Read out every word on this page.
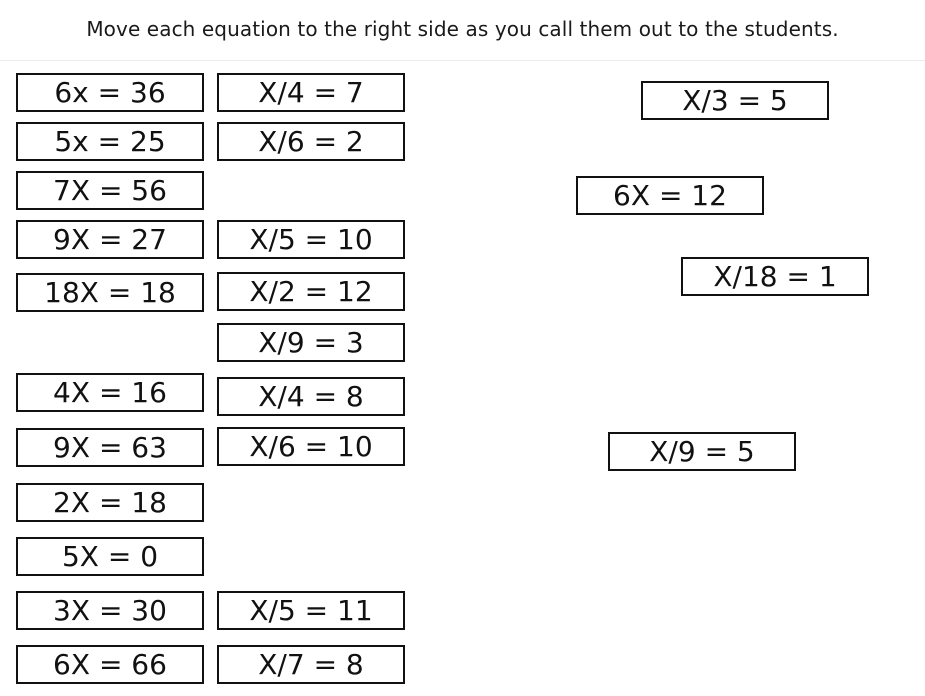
Move each equation to the right side as you call them out to the students.
6x = 36
5x = 25
7X = 56
9X = 27
18X = 18
4X = 16
9X = 63
2X = 18
5X = 0
3X = 30
6X = 66
X/4 = 7
X/6 = 2
X/5 = 10
X/2 = 12
X/9 = 3
X/4 = 8
X/6 = 10
X/5 = 11
X/7 = 8
X/3 = 5
6X = 12
X/18 = 1
X/9 = 5
